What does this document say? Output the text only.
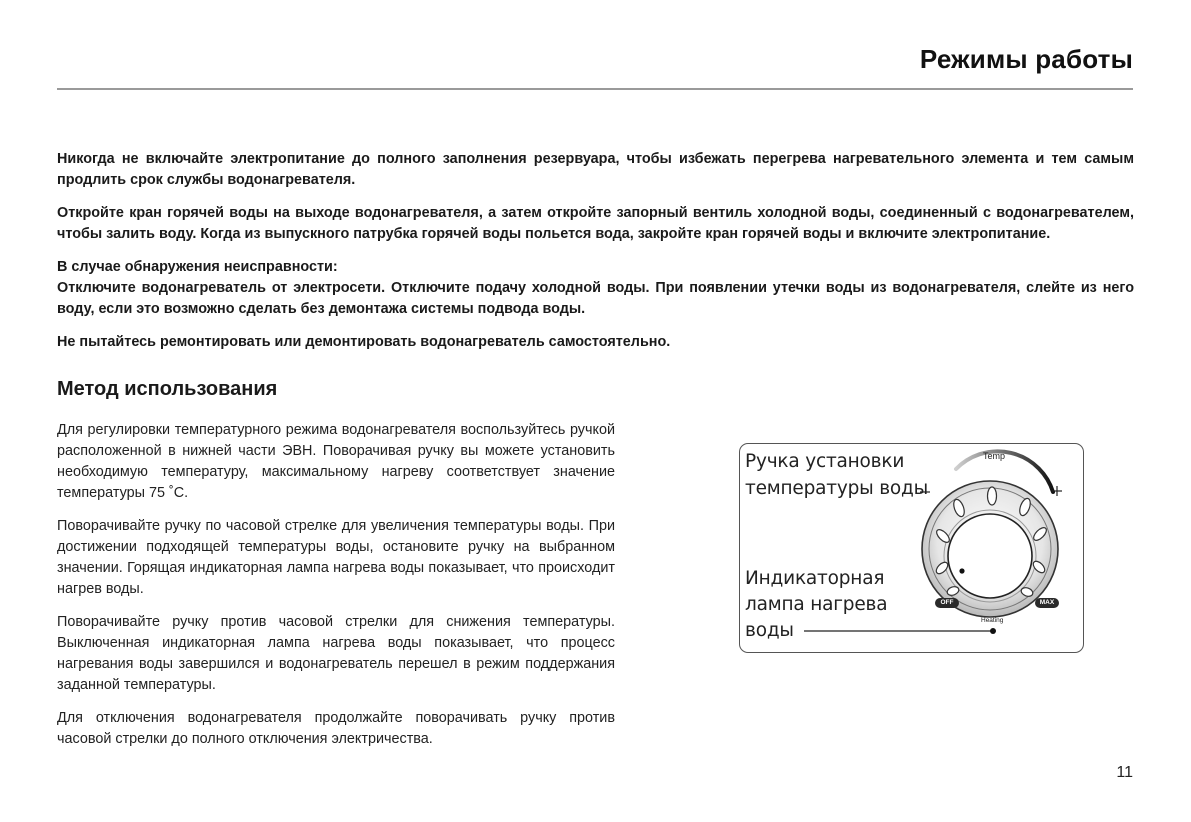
Режимы работы

Никогда не включайте электропитание до полного заполнения резервуара, чтобы избежать перегрева нагревательного элемента и тем самым продлить срок службы водонагревателя.

Откройте кран горячей воды на выходе водонагревателя, а затем откройте запорный вентиль холодной воды, соединенный с водонагревателем, чтобы залить воду. Когда из выпускного патрубка горячей воды польется вода, закройте кран горячей воды и включите электропитание.

В случае обнаружения неисправности:
Отключите водонагреватель от электросети. Отключите подачу холодной воды. При появлении утечки воды из водонагревателя, слейте из него воду, если это возможно сделать без демонтажа системы подвода воды.

Не пытайтесь ремонтировать или демонтировать водонагреватель самостоятельно.

Метод использования

Для регулировки температурного режима водонагревателя воспользуйтесь ручкой расположенной в нижней части ЭВН. Поворачивая ручку вы можете установить необходимую температуру, максимальному нагреву соответствует значение температуры 75 ˚С.

Поворачивайте ручку по часовой стрелке для увеличения температуры воды. При достижении подходящей температуры воды, остановите ручку на выбранном значении. Горящая индикаторная лампа нагрева воды показывает, что происходит нагрев воды.

Поворачивайте ручку против часовой стрелки для снижения температуры. Выключенная индикаторная лампа нагрева воды показывает, что процесс нагревания воды завершился и водонагреватель перешел в режим поддержания заданной температуры.

Для отключения водонагревателя продолжайте поворачивать ручку против часовой стрелки до полного отключения электричества.

Ручка установки
температуры воды
Индикаторная
лампа нагрева
воды
Temp
OFF	MAX
Heating
11
